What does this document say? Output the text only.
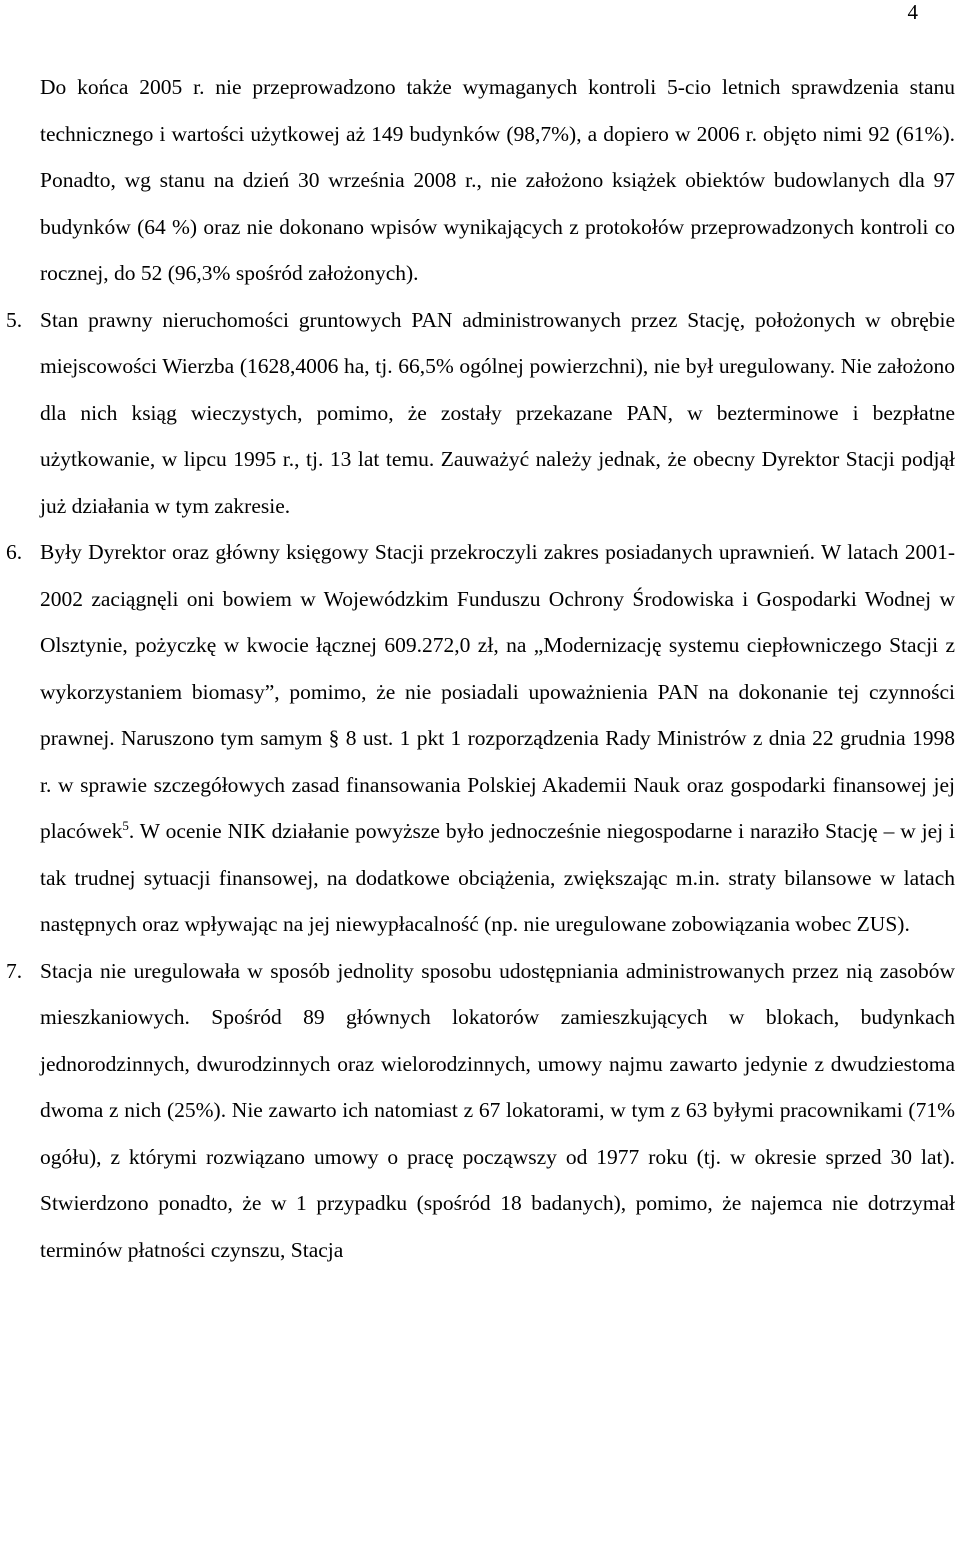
4

Do końca 2005 r. nie przeprowadzono także wymaganych kontroli 5-cio letnich sprawdzenia stanu technicznego i wartości użytkowej aż 149 budynków (98,7%), a dopiero w 2006 r. objęto nimi 92 (61%). Ponadto, wg stanu na dzień 30 września 2008 r., nie założono książek obiektów budowlanych dla 97 budynków (64 %) oraz nie dokonano wpisów wynikających z protokołów przeprowadzonych kontroli co rocznej, do 52 (96,3% spośród założonych).

5. Stan prawny nieruchomości gruntowych PAN administrowanych przez Stację, położonych w obrębie miejscowości Wierzba (1628,4006 ha, tj. 66,5% ogólnej powierzchni), nie był uregulowany. Nie założono dla nich ksiąg wieczystych, pomimo, że zostały przekazane PAN, w bezterminowe i bezpłatne użytkowanie, w lipcu 1995 r., tj. 13 lat temu. Zauważyć należy jednak, że obecny Dyrektor Stacji podjął już działania w tym zakresie.

6. Były Dyrektor oraz główny księgowy Stacji przekroczyli zakres posiadanych uprawnień. W latach 2001-2002 zaciągnęli oni bowiem w Wojewódzkim Funduszu Ochrony Środowiska i Gospodarki Wodnej w Olsztynie, pożyczkę w kwocie łącznej 609.272,0 zł, na „Modernizację systemu ciepłowniczego Stacji z wykorzystaniem biomasy”, pomimo, że nie posiadali upoważnienia PAN na dokonanie tej czynności prawnej. Naruszono tym samym § 8 ust. 1 pkt 1 rozporządzenia Rady Ministrów z dnia 22 grudnia 1998 r. w sprawie szczegółowych zasad finansowania Polskiej Akademii Nauk oraz gospodarki finansowej jej placówek$^5$. W ocenie NIK działanie powyższe było jednocześnie niegospodarne i naraziło Stację – w jej i tak trudnej sytuacji finansowej, na dodatkowe obciążenia, zwiększając m.in. straty bilansowe w latach następnych oraz wpływając na jej niewypłacalność (np. nie uregulowane zobowiązania wobec ZUS).

7. Stacja nie uregulowała w sposób jednolity sposobu udostępniania administrowanych przez nią zasobów mieszkaniowych. Spośród 89 głównych lokatorów zamieszkujących w blokach, budynkach jednorodzinnych, dwurodzinnych oraz wielorodzinnych, umowy najmu zawarto jedynie z dwudziestoma dwoma z nich (25%). Nie zawarto ich natomiast z 67 lokatorami, w tym z 63 byłymi pracownikami (71% ogółu), z którymi rozwiązano umowy o pracę począwszy od 1977 roku (tj. w okresie sprzed 30 lat). Stwierdzono ponadto, że w 1 przypadku (spośród 18 badanych), pomimo, że najemca nie dotrzymał terminów płatności czynszu, Stacja
